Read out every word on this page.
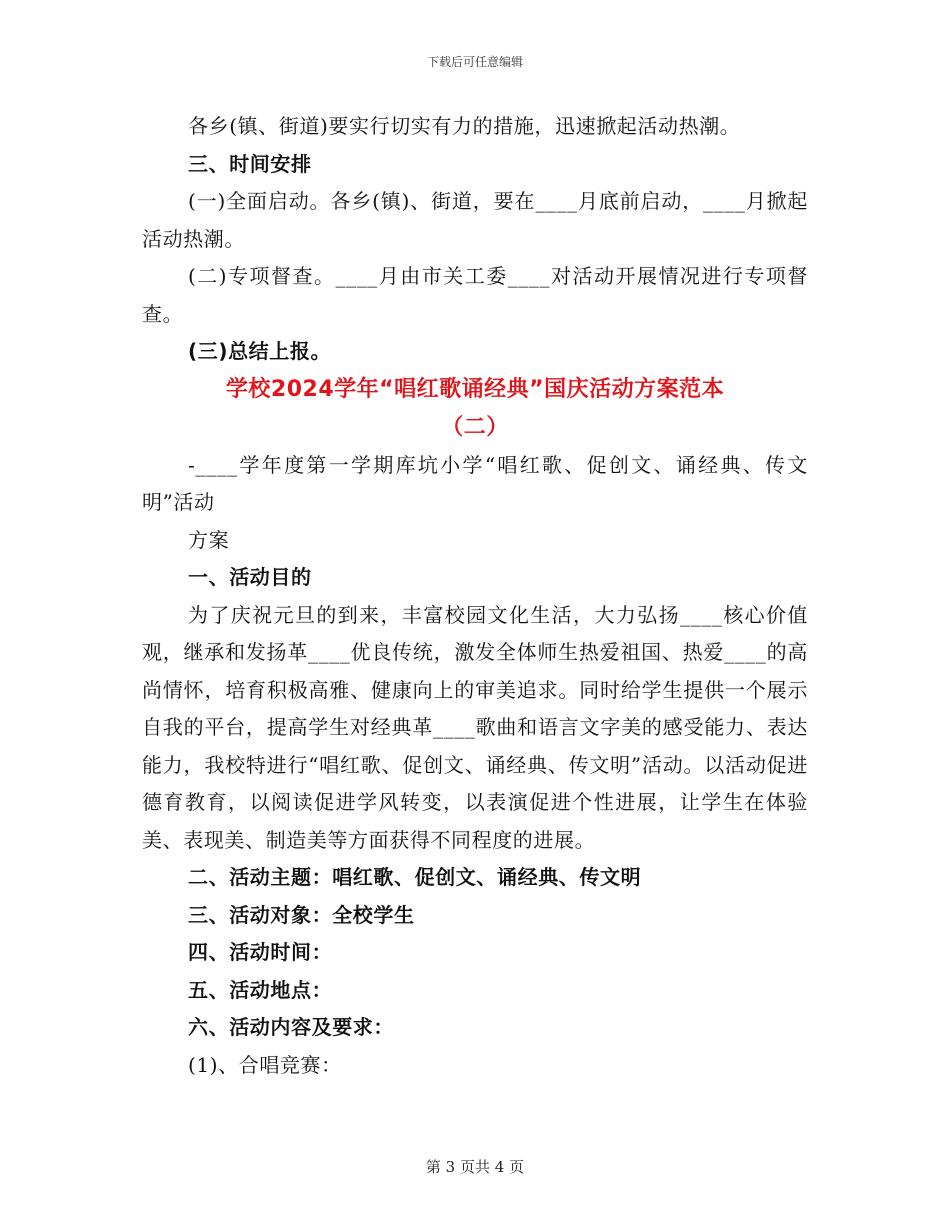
下载后可任意编辑

各乡(镇、街道)要实行切实有力的措施，迅速掀起活动热潮。

三、时间安排

(一)全面启动。各乡(镇)、街道，要在____月底前启动，____月掀起活动热潮。

(二)专项督查。____月由市关工委____对活动开展情况进行专项督查。

(三)总结上报。

学校2024学年“唱红歌诵经典”国庆活动方案范本

（二）

-____学年度第一学期库坑小学“唱红歌、促创文、诵经典、传文明”活动

方案

一、活动目的

为了庆祝元旦的到来，丰富校园文化生活，大力弘扬____核心价值观，继承和发扬革____优良传统，激发全体师生热爱祖国、热爱____的高尚情怀，培育积极高雅、健康向上的审美追求。同时给学生提供一个展示自我的平台，提高学生对经典革____歌曲和语言文字美的感受能力、表达能力，我校特进行“唱红歌、促创文、诵经典、传文明”活动。以活动促进德育教育，以阅读促进学风转变，以表演促进个性进展，让学生在体验美、表现美、制造美等方面获得不同程度的进展。

二、活动主题：唱红歌、促创文、诵经典、传文明

三、活动对象：全校学生

四、活动时间：

五、活动地点：

六、活动内容及要求：

(1)、合唱竞赛：

第 3 页共 4 页
